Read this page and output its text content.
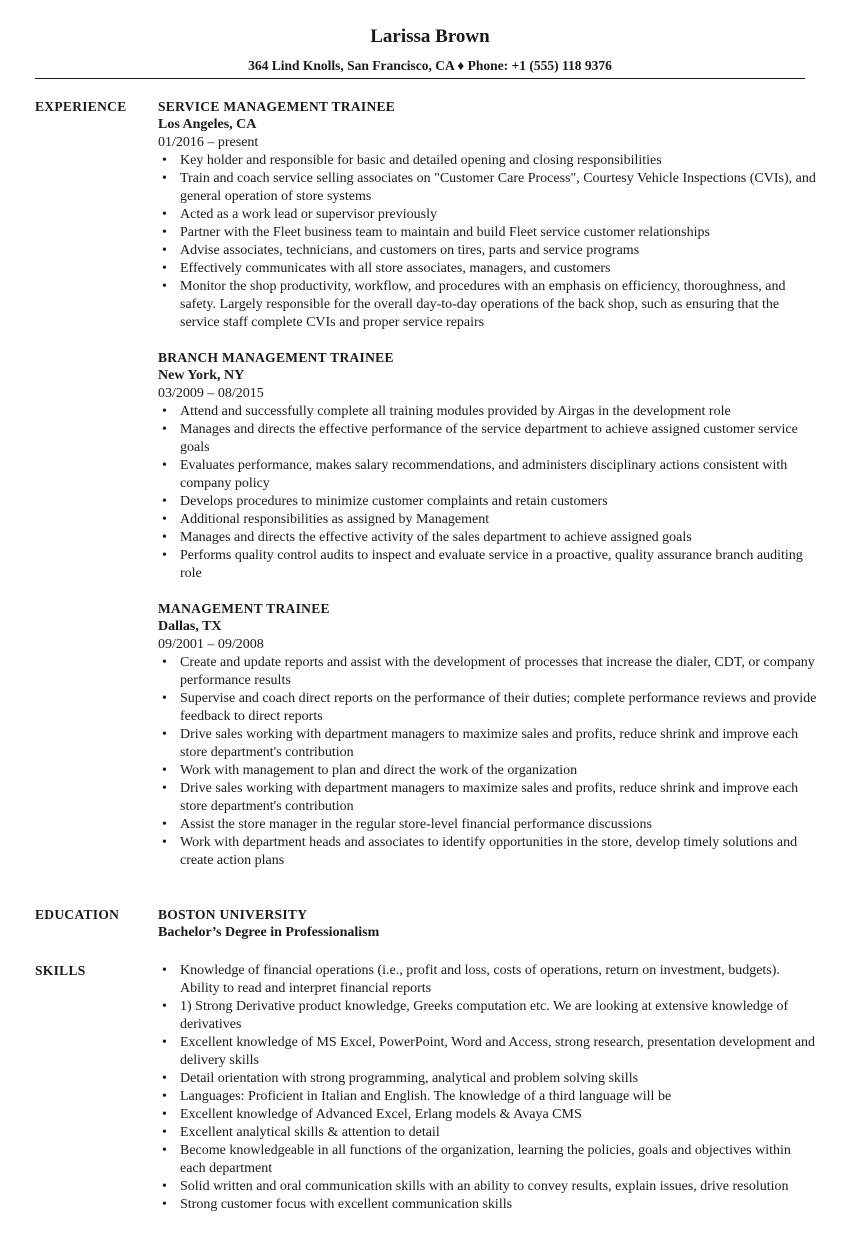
Larissa Brown
364 Lind Knolls, San Francisco, CA ♦ Phone: +1 (555) 118 9376
EXPERIENCE SERVICE MANAGEMENT TRAINEE
Los Angeles, CA
01/2016 – present
• Key holder and responsible for basic and detailed opening and closing responsibilities
• Train and coach service selling associates on "Customer Care Process", Courtesy Vehicle Inspections (CVIs), and general operation of store systems
• Acted as a work lead or supervisor previously
• Partner with the Fleet business team to maintain and build Fleet service customer relationships
• Advise associates, technicians, and customers on tires, parts and service programs
• Effectively communicates with all store associates, managers, and customers
• Monitor the shop productivity, workflow, and procedures with an emphasis on efficiency, thoroughness, and safety. Largely responsible for the overall day-to-day operations of the back shop, such as ensuring that the service staff complete CVIs and proper service repairs
BRANCH MANAGEMENT TRAINEE
New York, NY
03/2009 – 08/2015
• Attend and successfully complete all training modules provided by Airgas in the development role
• Manages and directs the effective performance of the service department to achieve assigned customer service goals
• Evaluates performance, makes salary recommendations, and administers disciplinary actions consistent with company policy
• Develops procedures to minimize customer complaints and retain customers
• Additional responsibilities as assigned by Management
• Manages and directs the effective activity of the sales department to achieve assigned goals
• Performs quality control audits to inspect and evaluate service in a proactive, quality assurance branch auditing role
MANAGEMENT TRAINEE
Dallas, TX
09/2001 – 09/2008
• Create and update reports and assist with the development of processes that increase the dialer, CDT, or company performance results
• Supervise and coach direct reports on the performance of their duties; complete performance reviews and provide feedback to direct reports
• Drive sales working with department managers to maximize sales and profits, reduce shrink and improve each store department's contribution
• Work with management to plan and direct the work of the organization
• Drive sales working with department managers to maximize sales and profits, reduce shrink and improve each store department's contribution
• Assist the store manager in the regular store-level financial performance discussions
• Work with department heads and associates to identify opportunities in the store, develop timely solutions and create action plans
EDUCATION	BOSTON UNIVERSITY
Bachelor’s Degree in Professionalism
SKILLS	• Knowledge of financial operations (i.e., profit and loss, costs of operations, return on investment, budgets). Ability to read and interpret financial reports
• 1) Strong Derivative product knowledge, Greeks computation etc. We are looking at extensive knowledge of derivatives
• Excellent knowledge of MS Excel, PowerPoint, Word and Access, strong research, presentation development and delivery skills
• Detail orientation with strong programming, analytical and problem solving skills
• Languages: Proficient in Italian and English. The knowledge of a third language will be
• Excellent knowledge of Advanced Excel, Erlang models & Avaya CMS
• Excellent analytical skills & attention to detail
• Become knowledgeable in all functions of the organization, learning the policies, goals and objectives within each department
• Solid written and oral communication skills with an ability to convey results, explain issues, drive resolution
• Strong customer focus with excellent communication skills
